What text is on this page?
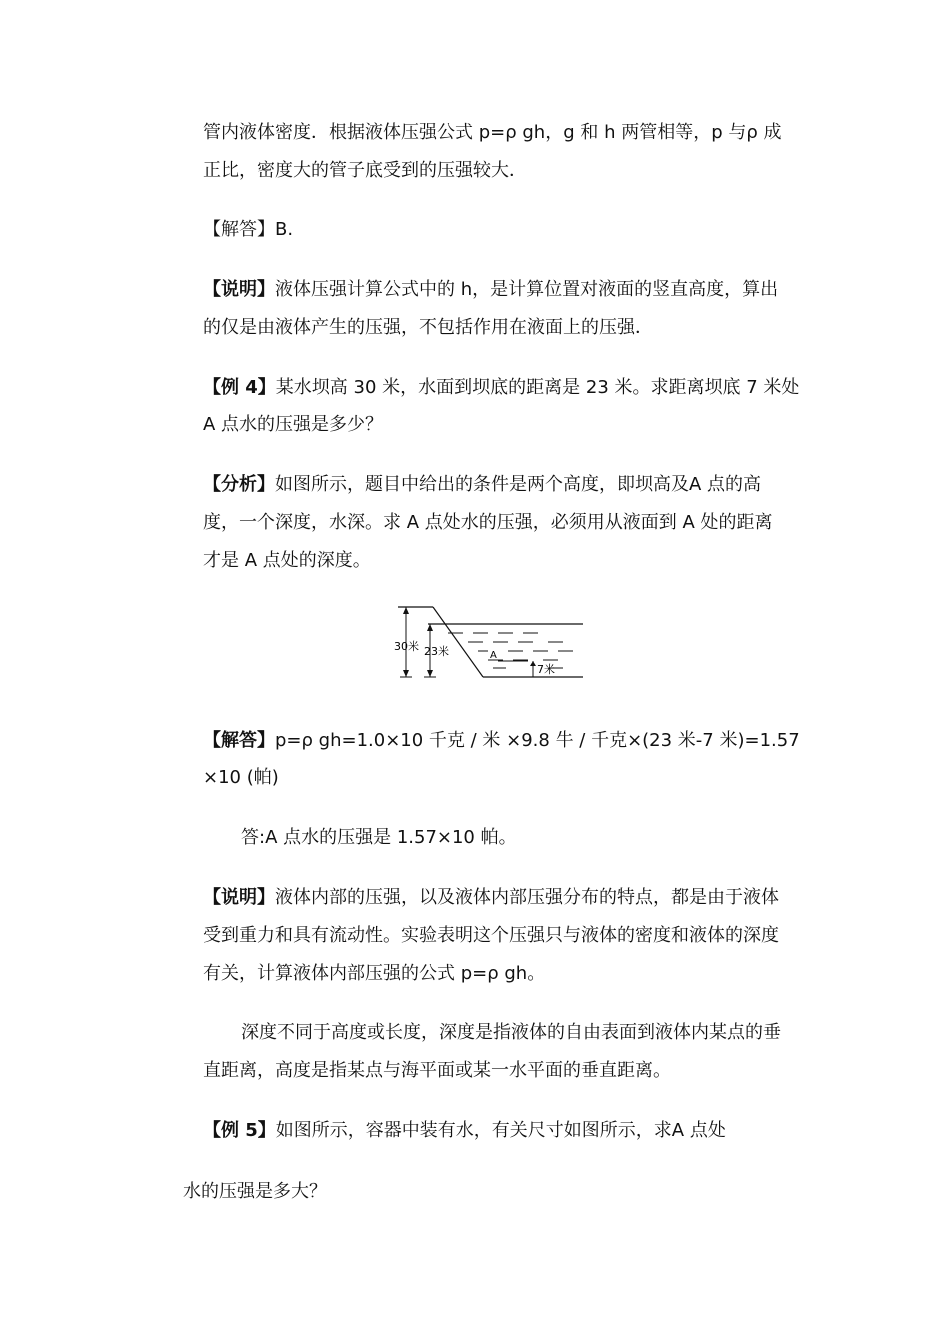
管内液体密度．根据液体压强公式 p=ρ gh，g 和 h 两管相等，p 与ρ 成
正比，密度大的管子底受到的压强较大．
【解答】B.
【说明】液体压强计算公式中的 h，是计算位置对液面的竖直高度，算出
的仅是由液体产生的压强，不包括作用在液面上的压强．
【例 4】某水坝高 30 米，水面到坝底的距离是 23 米。求距离坝底 7 米处
A 点水的压强是多少？
【分析】如图所示，题目中给出的条件是两个高度，即坝高及A 点的高
度，一个深度，水深。求 A 点处水的压强，必须用从液面到 A 处的距离
才是 A 点处的深度。
30米 23米	A
7米
【解答】p=ρ gh=1.0×10 千克 / 米 ×9.8 牛 / 千克×(23 米-7 米)=1.57
×10 (帕)
答:A 点水的压强是 1.57×10 帕。
【说明】液体内部的压强，以及液体内部压强分布的特点，都是由于液体
受到重力和具有流动性。实验表明这个压强只与液体的密度和液体的深度
有关，计算液体内部压强的公式 p=ρ gh。
深度不同于高度或长度，深度是指液体的自由表面到液体内某点的垂
直距离，高度是指某点与海平面或某一水平面的垂直距离。
【例 5】如图所示，容器中装有水，有关尺寸如图所示，求A 点处
水的压强是多大？
